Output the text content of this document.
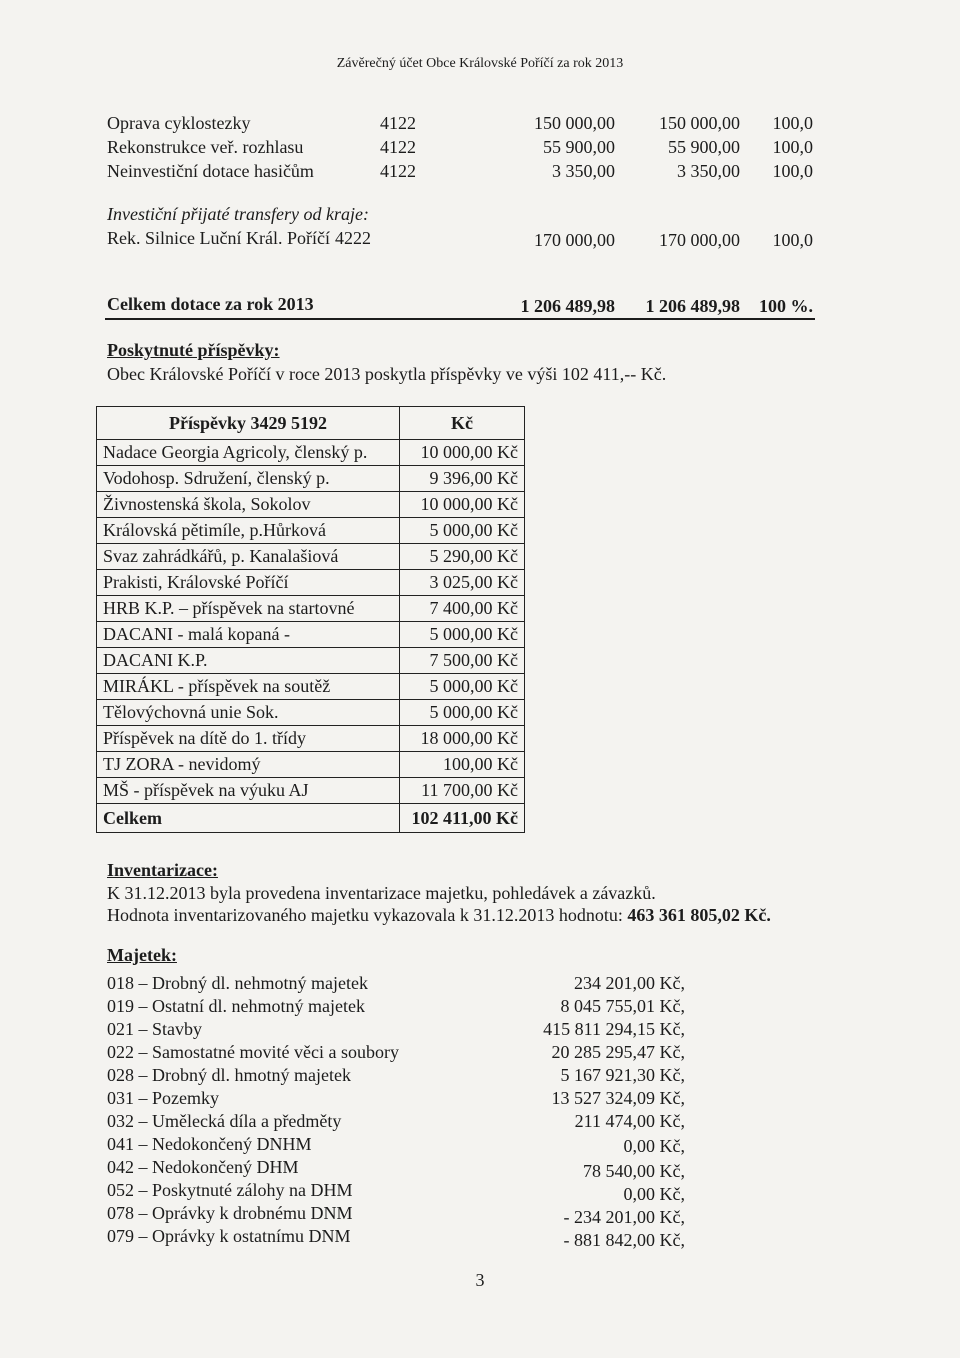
Závěrečný účet Obce Královské Poříčí za rok 2013
Oprava cyklostezky	4122	150 000,00	150 000,00	100,0
Rekonstrukce veř. rozhlasu	4122	55 900,00	55 900,00	100,0
Neinvestiční dotace hasičům	4122	3 350,00	3 350,00	100,0
Investiční přijaté transfery od kraje:
Rek. Silnice Luční Král. Poříčí 4222	170 000,00	170 000,00	100,0
Celkem dotace za rok 2013	1 206 489,98	1 206 489,98	100 %.
Poskytnuté příspěvky:
Obec Královské Poříčí v roce 2013 poskytla příspěvky ve výši 102 411,-- Kč.
Příspěvky 3429 5192	Kč
Nadace Georgia Agricoly, členský p.	10 000,00 Kč
Vodohosp. Sdružení, členský p.	9 396,00 Kč
Živnostenská škola, Sokolov	10 000,00 Kč
Královská pětimíle, p.Hůrková	5 000,00 Kč
Svaz zahrádkářů, p. Kanalašiová	5 290,00 Kč
Prakisti, Královské Poříčí	3 025,00 Kč
HRB K.P. – příspěvek na startovné	7 400,00 Kč
DACANI - malá kopaná -	5 000,00 Kč
DACANI K.P.	7 500,00 Kč
MIRÁKL - příspěvek na soutěž	5 000,00 Kč
Tělovýchovná unie Sok.	5 000,00 Kč
Příspěvek na dítě do 1. třídy	18 000,00 Kč
TJ ZORA - nevidomý	100,00 Kč
MŠ - příspěvek na výuku AJ	11 700,00 Kč
Celkem	102 411,00 Kč
Inventarizace:
K 31.12.2013 byla provedena inventarizace majetku, pohledávek a závazků.
Hodnota inventarizovaného majetku vykazovala k 31.12.2013 hodnotu: 463 361 805,02 Kč.
Majetek:
018 – Drobný dl. nehmotný majetek	234 201,00 Kč,
019 – Ostatní dl. nehmotný majetek	8 045 755,01 Kč,
021 – Stavby	415 811 294,15 Kč,
022 – Samostatné movité věci a soubory	20 285 295,47 Kč,
028 – Drobný dl. hmotný majetek	5 167 921,30 Kč,
031 – Pozemky	13 527 324,09 Kč,
032 – Umělecká díla a předměty	211 474,00 Kč,
041 – Nedokončený DNHM	0,00 Kč,
042 – Nedokončený DHM	78 540,00 Kč,
052 – Poskytnuté zálohy na DHM	0,00 Kč,
078 – Oprávky k drobnému DNM	- 234 201,00 Kč,
079 – Oprávky k ostatnímu DNM	- 881 842,00 Kč,
3
